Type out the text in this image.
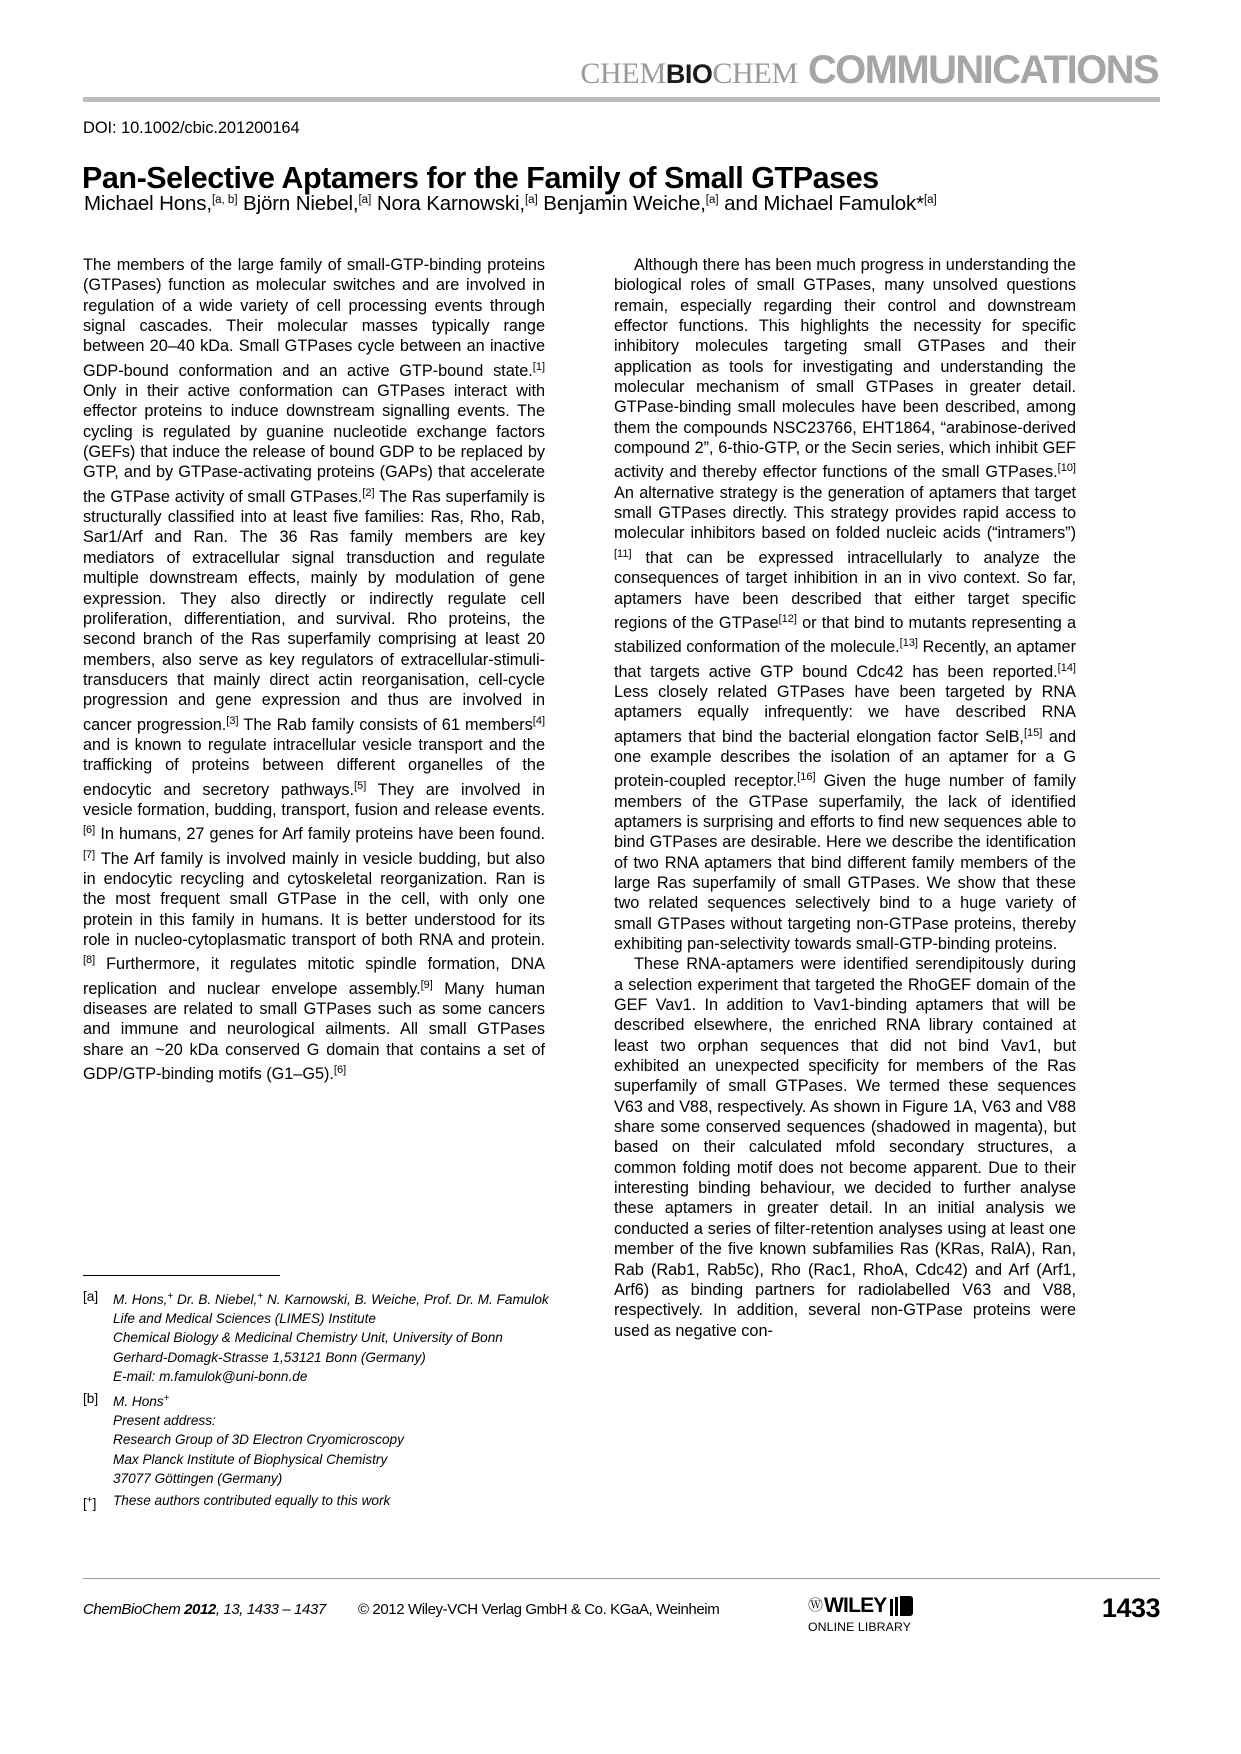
CHEMBIOCHEM COMMUNICATIONS
DOI: 10.1002/cbic.201200164
Pan-Selective Aptamers for the Family of Small GTPases
Michael Hons,[a, b] Björn Niebel,[a] Nora Karnowski,[a] Benjamin Weiche,[a] and Michael Famulok*[a]

The members of the large family of small-GTP-binding proteins (GTPases) function as molecular switches and are involved in regulation of a wide variety of cell processing events through signal cascades. Their molecular masses typically range between 20–40 kDa. Small GTPases cycle between an inactive GDP-bound conformation and an active GTP-bound state.[1] Only in their active conformation can GTPases interact with effector proteins to induce downstream signalling events. The cycling is regulated by guanine nucleotide exchange factors (GEFs) that induce the release of bound GDP to be replaced by GTP, and by GTPase-activating proteins (GAPs) that accelerate the GTPase activity of small GTPases.[2] The Ras superfamily is structurally classified into at least five families: Ras, Rho, Rab, Sar1/Arf and Ran. The 36 Ras family members are key mediators of extracellular signal transduction and regulate multiple downstream effects, mainly by modulation of gene expression. They also directly or indirectly regulate cell proliferation, differentiation, and survival. Rho proteins, the second branch of the Ras superfamily comprising at least 20 members, also serve as key regulators of extracellular-stimuli-transducers that mainly direct actin reorganisation, cell-cycle progression and gene expression and thus are involved in cancer progression.[3] The Rab family consists of 61 members[4] and is known to regulate intracellular vesicle transport and the trafficking of proteins between different organelles of the endocytic and secretory pathways.[5] They are involved in vesicle formation, budding, transport, fusion and release events.[6] In humans, 27 genes for Arf family proteins have been found.[7] The Arf family is involved mainly in vesicle budding, but also in endocytic recycling and cytoskeletal reorganization. Ran is the most frequent small GTPase in the cell, with only one protein in this family in humans. It is better understood for its role in nucleo-cytoplasmatic transport of both RNA and protein.[8] Furthermore, it regulates mitotic spindle formation, DNA replication and nuclear envelope assembly.[9] Many human diseases are related to small GTPases such as some cancers and immune and neurological ailments. All small GTPases share an ~20 kDa conserved G domain that contains a set of GDP/GTP-binding motifs (G1–G5).[6]

Although there has been much progress in understanding the biological roles of small GTPases, many unsolved questions remain, especially regarding their control and downstream effector functions. This highlights the necessity for specific inhibitory molecules targeting small GTPases and their application as tools for investigating and understanding the molecular mechanism of small GTPases in greater detail. GTPase-binding small molecules have been described, among them the compounds NSC23766, EHT1864, “arabinose-derived compound 2”, 6-thio-GTP, or the Secin series, which inhibit GEF activity and thereby effector functions of the small GTPases.[10] An alternative strategy is the generation of aptamers that target small GTPases directly. This strategy provides rapid access to molecular inhibitors based on folded nucleic acids (“intramers”)[11] that can be expressed intracellularly to analyze the consequences of target inhibition in an in vivo context. So far, aptamers have been described that either target specific regions of the GTPase[12] or that bind to mutants representing a stabilized conformation of the molecule.[13] Recently, an aptamer that targets active GTP bound Cdc42 has been reported.[14] Less closely related GTPases have been targeted by RNA aptamers equally infrequently: we have described RNA aptamers that bind the bacterial elongation factor SelB,[15] and one example describes the isolation of an aptamer for a G protein-coupled receptor.[16] Given the huge number of family members of the GTPase superfamily, the lack of identified aptamers is surprising and efforts to find new sequences able to bind GTPases are desirable. Here we describe the identification of two RNA aptamers that bind different family members of the large Ras superfamily of small GTPases. We show that these two related sequences selectively bind to a huge variety of small GTPases without targeting non-GTPase proteins, thereby exhibiting pan-selectivity towards small-GTP-binding proteins.

These RNA-aptamers were identified serendipitously during a selection experiment that targeted the RhoGEF domain of the GEF Vav1. In addition to Vav1-binding aptamers that will be described elsewhere, the enriched RNA library contained at least two orphan sequences that did not bind Vav1, but exhibited an unexpected specificity for members of the Ras superfamily of small GTPases. We termed these sequences V63 and V88, respectively. As shown in Figure 1A, V63 and V88 share some conserved sequences (shadowed in magenta), but based on their calculated mfold secondary structures, a common folding motif does not become apparent. Due to their interesting binding behaviour, we decided to further analyse these aptamers in greater detail. In an initial analysis we conducted a series of filter-retention analyses using at least one member of the five known subfamilies Ras (KRas, RalA), Ran, Rab (Rab1, Rab5c), Rho (Rac1, RhoA, Cdc42) and Arf (Arf1, Arf6) as binding partners for radiolabelled V63 and V88, respectively. In addition, several non-GTPase proteins were used as negative con-

[a]	M. Hons,+ Dr. B. Niebel,+ N. Karnowski, B. Weiche, Prof. Dr. M. Famulok
Life and Medical Sciences (LIMES) Institute
Chemical Biology & Medicinal Chemistry Unit, University of Bonn
Gerhard-Domagk-Strasse 1,53121 Bonn (Germany)
E-mail: m.famulok@uni-bonn.de
[b]	M. Hons+
Present address:
Research Group of 3D Electron Cryomicroscopy
Max Planck Institute of Biophysical Chemistry
37077 Göttingen (Germany)
[+]	These authors contributed equally to this work
ChemBioChem 2012, 13, 1433 – 1437 © 2012 Wiley-VCH Verlag GmbH & Co. KGaA, Weinheim	Ⓦ WILEY
ONLINE LIBRARY
1433
